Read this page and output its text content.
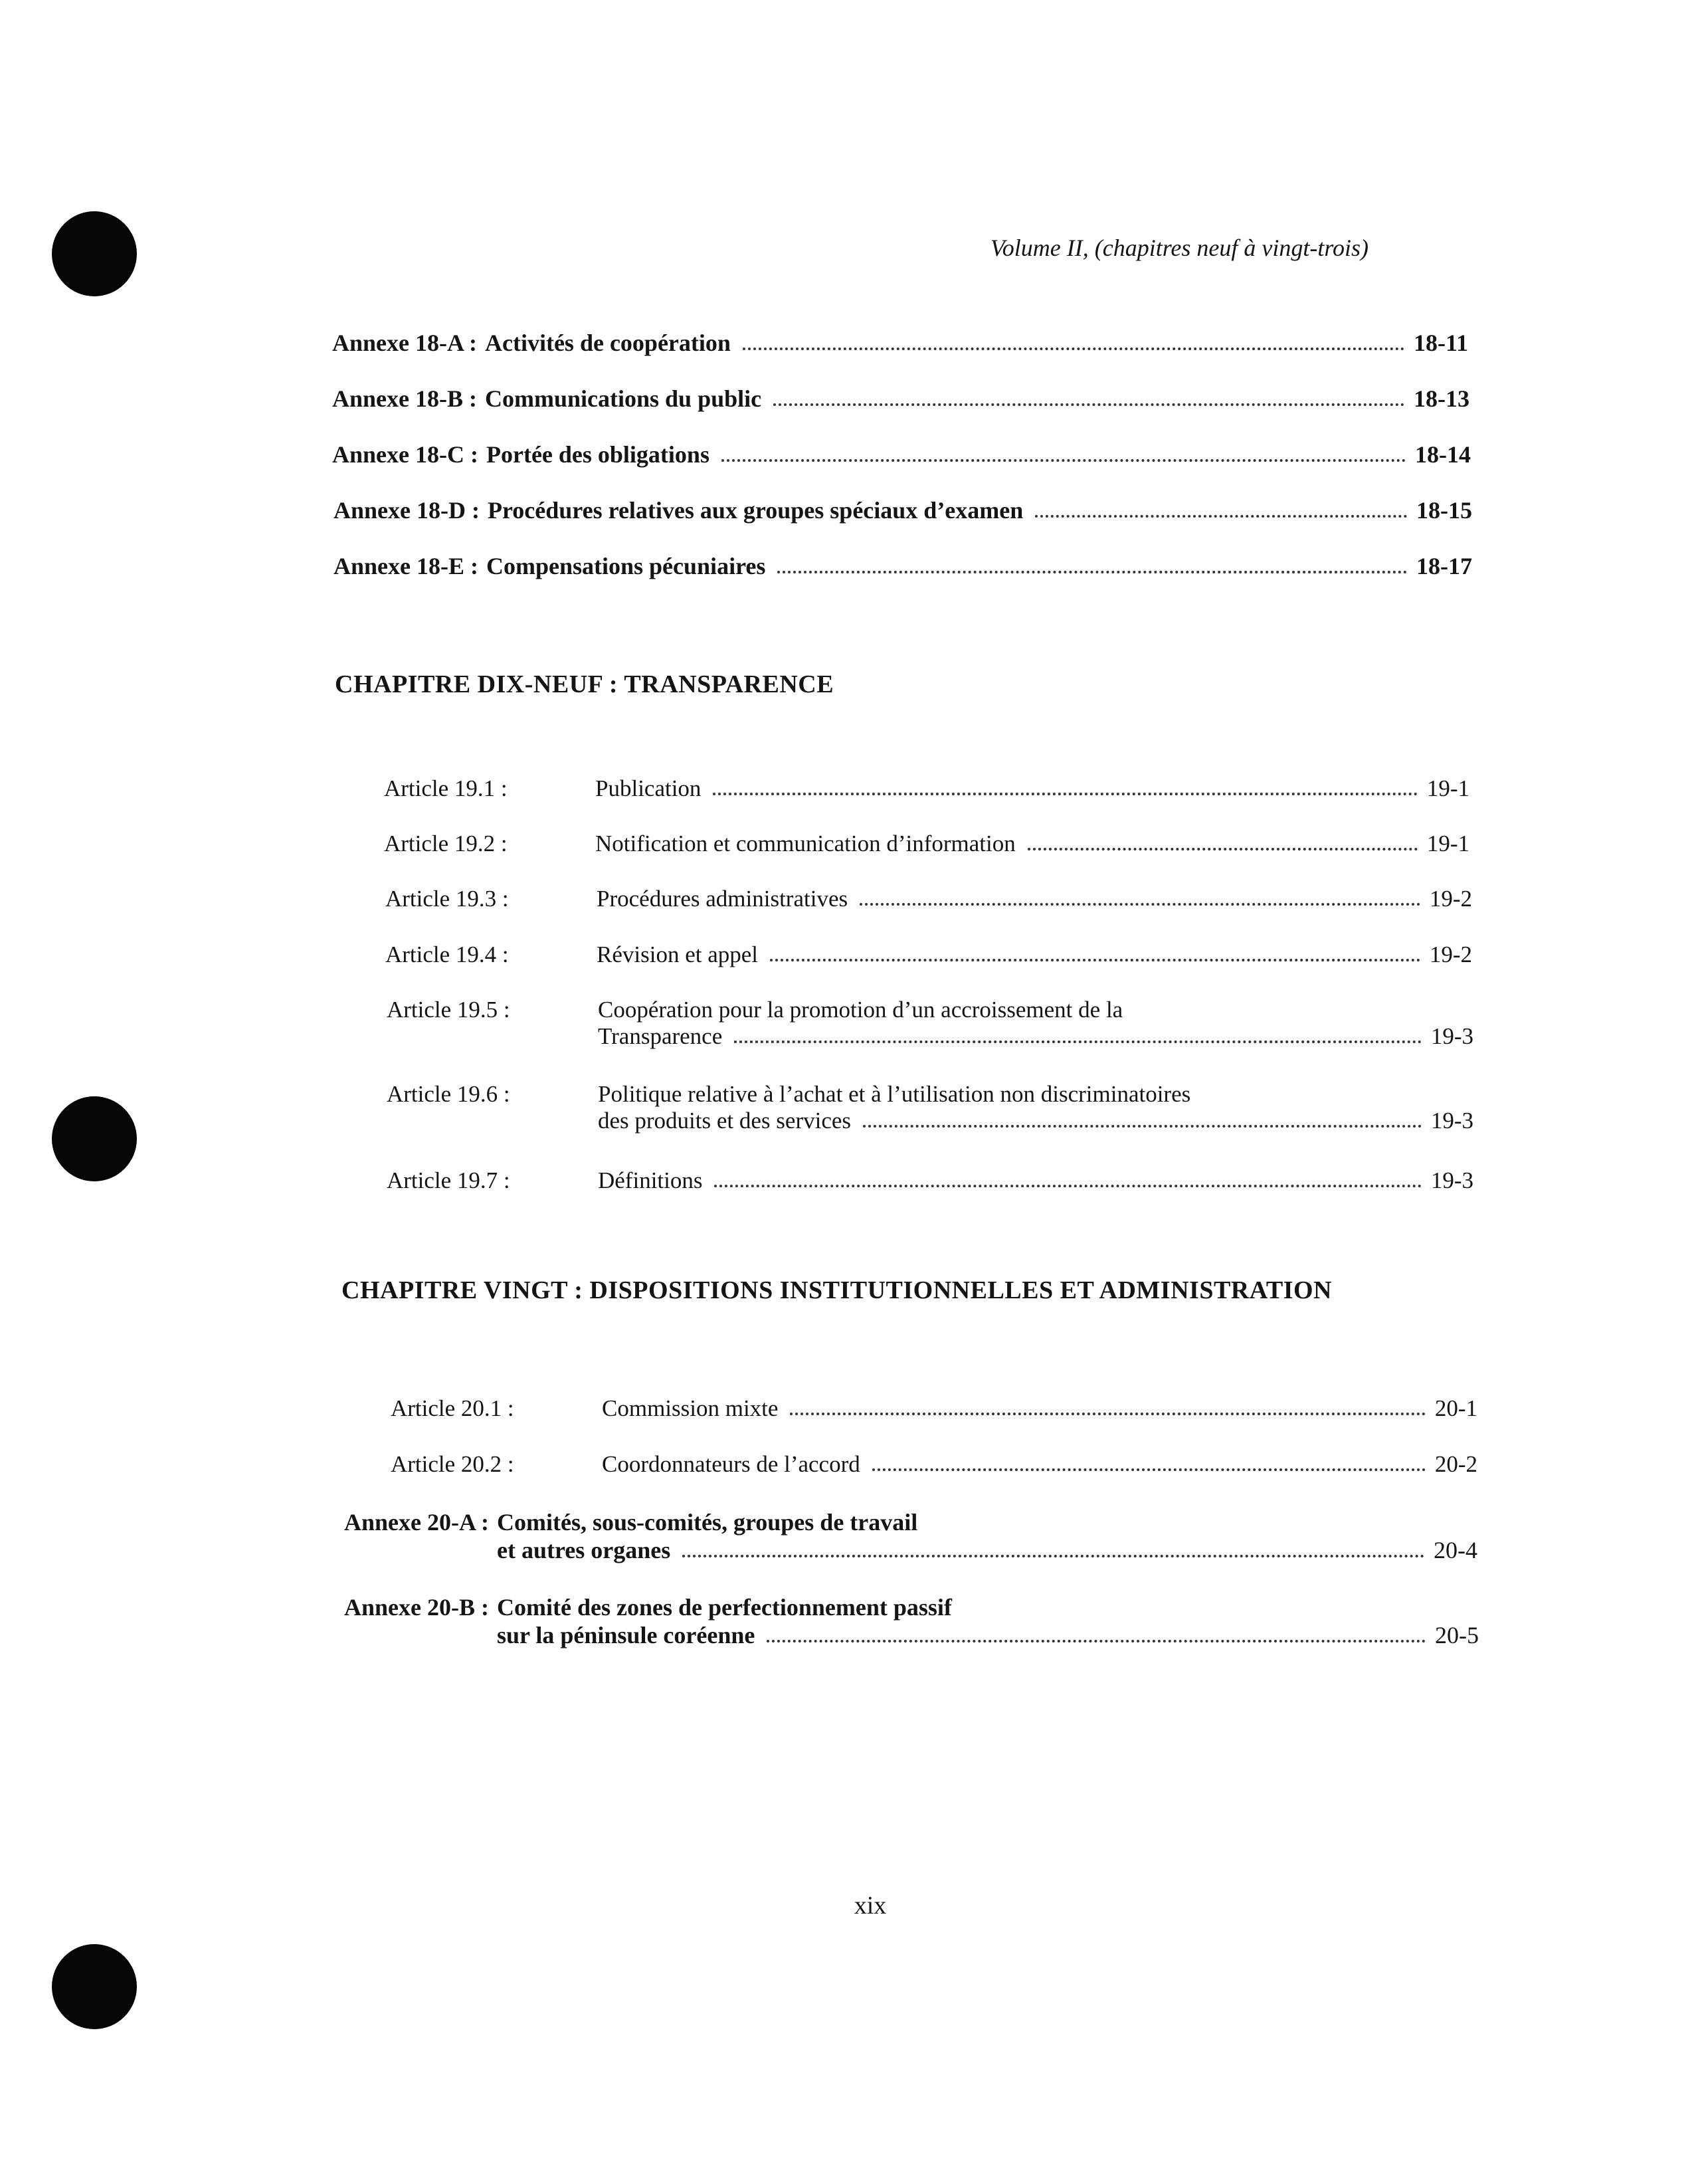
Volume II, (chapitres neuf à vingt-trois)
Annexe 18-A : Activités de coopération	18-11
Annexe 18-B : Communications du public	18-13
Annexe 18-C : Portée des obligations	18-14
Annexe 18-D : Procédures relatives aux groupes spéciaux d’examen	18-15
Annexe 18-E : Compensations pécuniaires	18-17
CHAPITRE DIX-NEUF : TRANSPARENCE
Article 19.1 :	Publication	19-1
Article 19.2 :	Notification et communication d’information	19-1
Article 19.3 :	Procédures administratives	19-2
Article 19.4 :	Révision et appel	19-2
Article 19.5 :	Coopération pour la promotion d’un accroissement de la
Transparence	19-3
Article 19.6 :	Politique relative à l’achat et à l’utilisation non discriminatoires
des produits et des services	19-3
Article 19.7 :	Définitions	19-3
CHAPITRE VINGT : DISPOSITIONS INSTITUTIONNELLES ET ADMINISTRATION
Article 20.1 :	Commission mixte	20-1
Article 20.2 :	Coordonnateurs de l’accord	20-2
Annexe 20-A : Comités, sous-comités, groupes de travail
et autres organes	20-4
Annexe 20-B : Comité des zones de perfectionnement passif
sur la péninsule coréenne	20-5
xix
